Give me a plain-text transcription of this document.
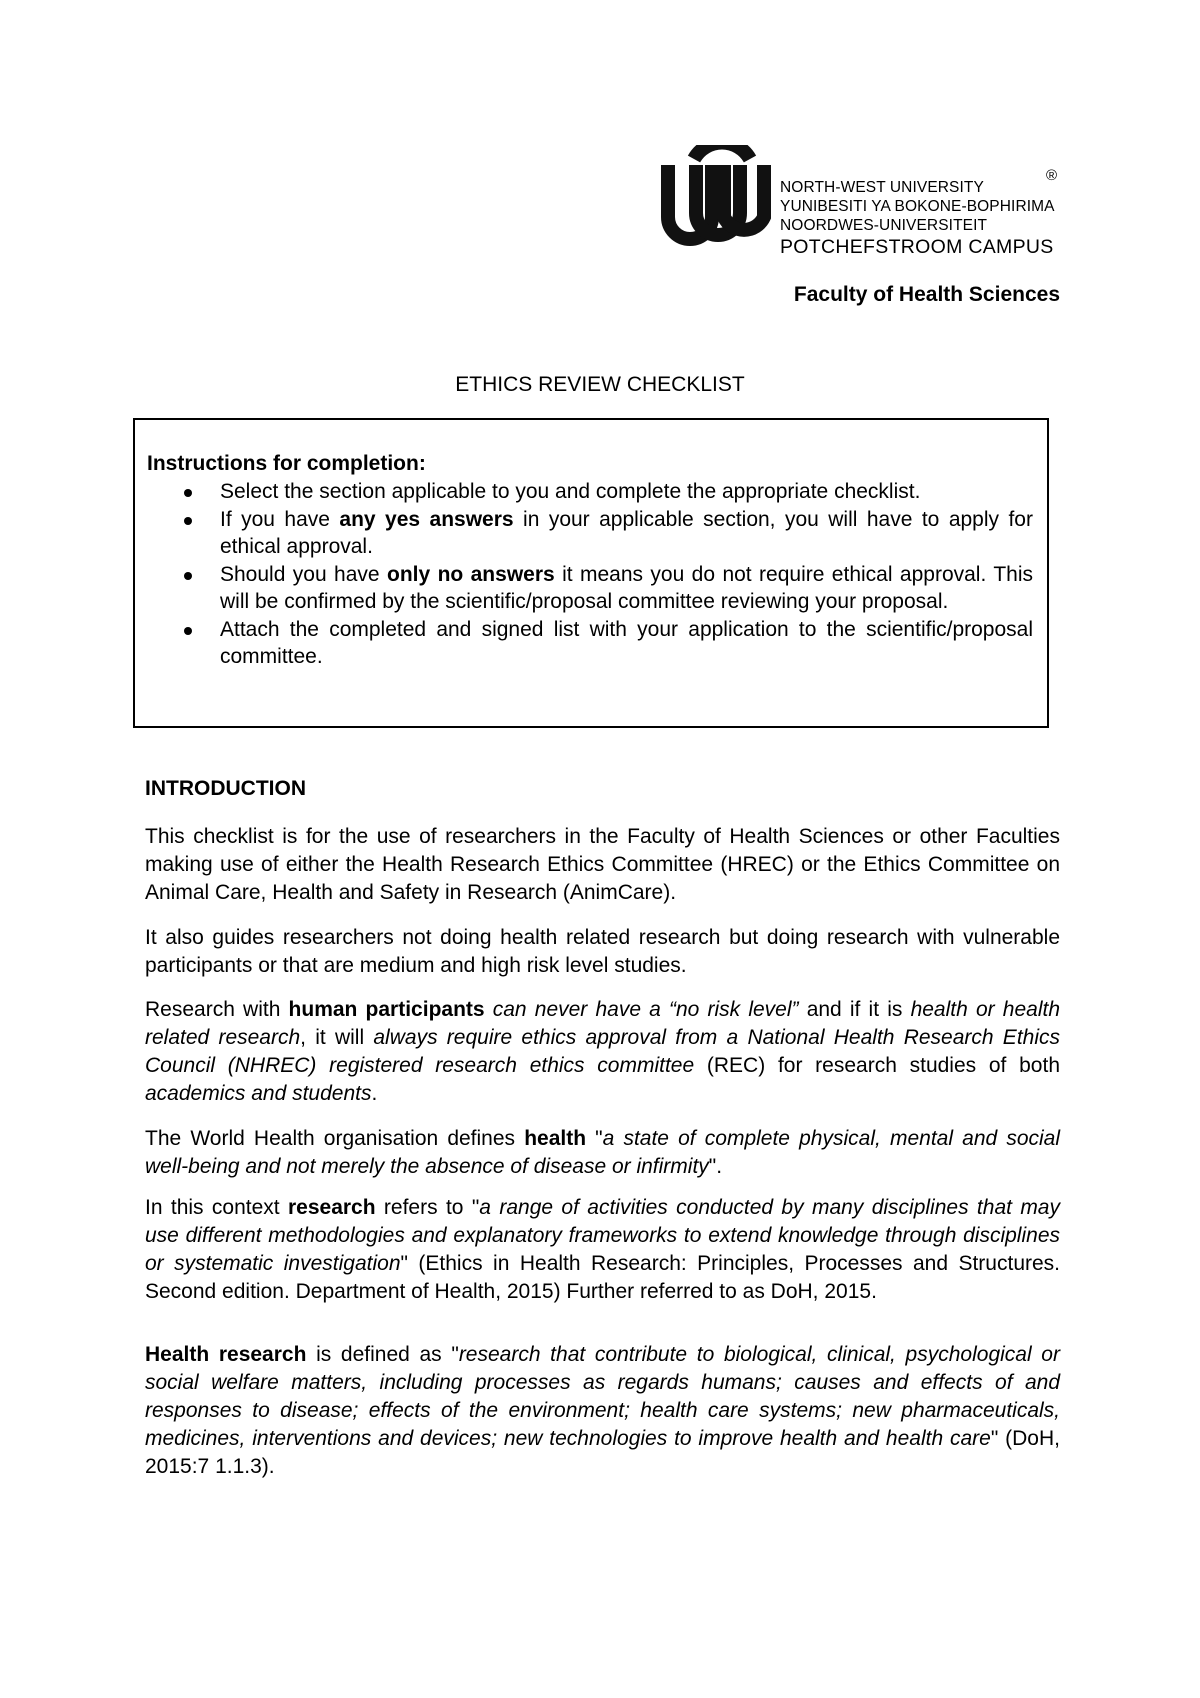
NORTH-WEST UNIVERSITY
YUNIBESITI YA BOKONE-BOPHIRIMA
NOORDWES-UNIVERSITEIT
POTCHEFSTROOM CAMPUS
®
Faculty of Health Sciences
ETHICS REVIEW CHECKLIST

Instructions for completion:

Select the section applicable to you and complete the appropriate checklist.
If you have any yes answers in your applicable section, you will have to apply for ethical approval.
Should you have only no answers it means you do not require ethical approval. This will be confirmed by the scientific/proposal committee reviewing your proposal.
Attach the completed and signed list with your application to the scientific/proposal committee.
INTRODUCTION

This checklist is for the use of researchers in the Faculty of Health Sciences or other Faculties making use of either the Health Research Ethics Committee (HREC) or the Ethics Committee on Animal Care, Health and Safety in Research (AnimCare).

It also guides researchers not doing health related research but doing research with vulnerable participants or that are medium and high risk level studies.

Research with human participants can never have a “no risk level” and if it is health or health related research, it will always require ethics approval from a National Health Research Ethics Council (NHREC) registered research ethics committee (REC) for research studies of both academics and students.

The World Health organisation defines health "a state of complete physical, mental and social well-being and not merely the absence of disease or infirmity".

In this context research refers to "a range of activities conducted by many disciplines that may use different methodologies and explanatory frameworks to extend knowledge through disciplines or systematic investigation" (Ethics in Health Research: Principles, Processes and Structures. Second edition. Department of Health, 2015) Further referred to as DoH, 2015.

Health research is defined as "research that contribute to biological, clinical, psychological or social welfare matters, including processes as regards humans; causes and effects of and responses to disease; effects of the environment; health care systems; new pharmaceuticals, medicines, interventions and devices; new technologies to improve health and health care" (DoH, 2015:7 1.1.3).
